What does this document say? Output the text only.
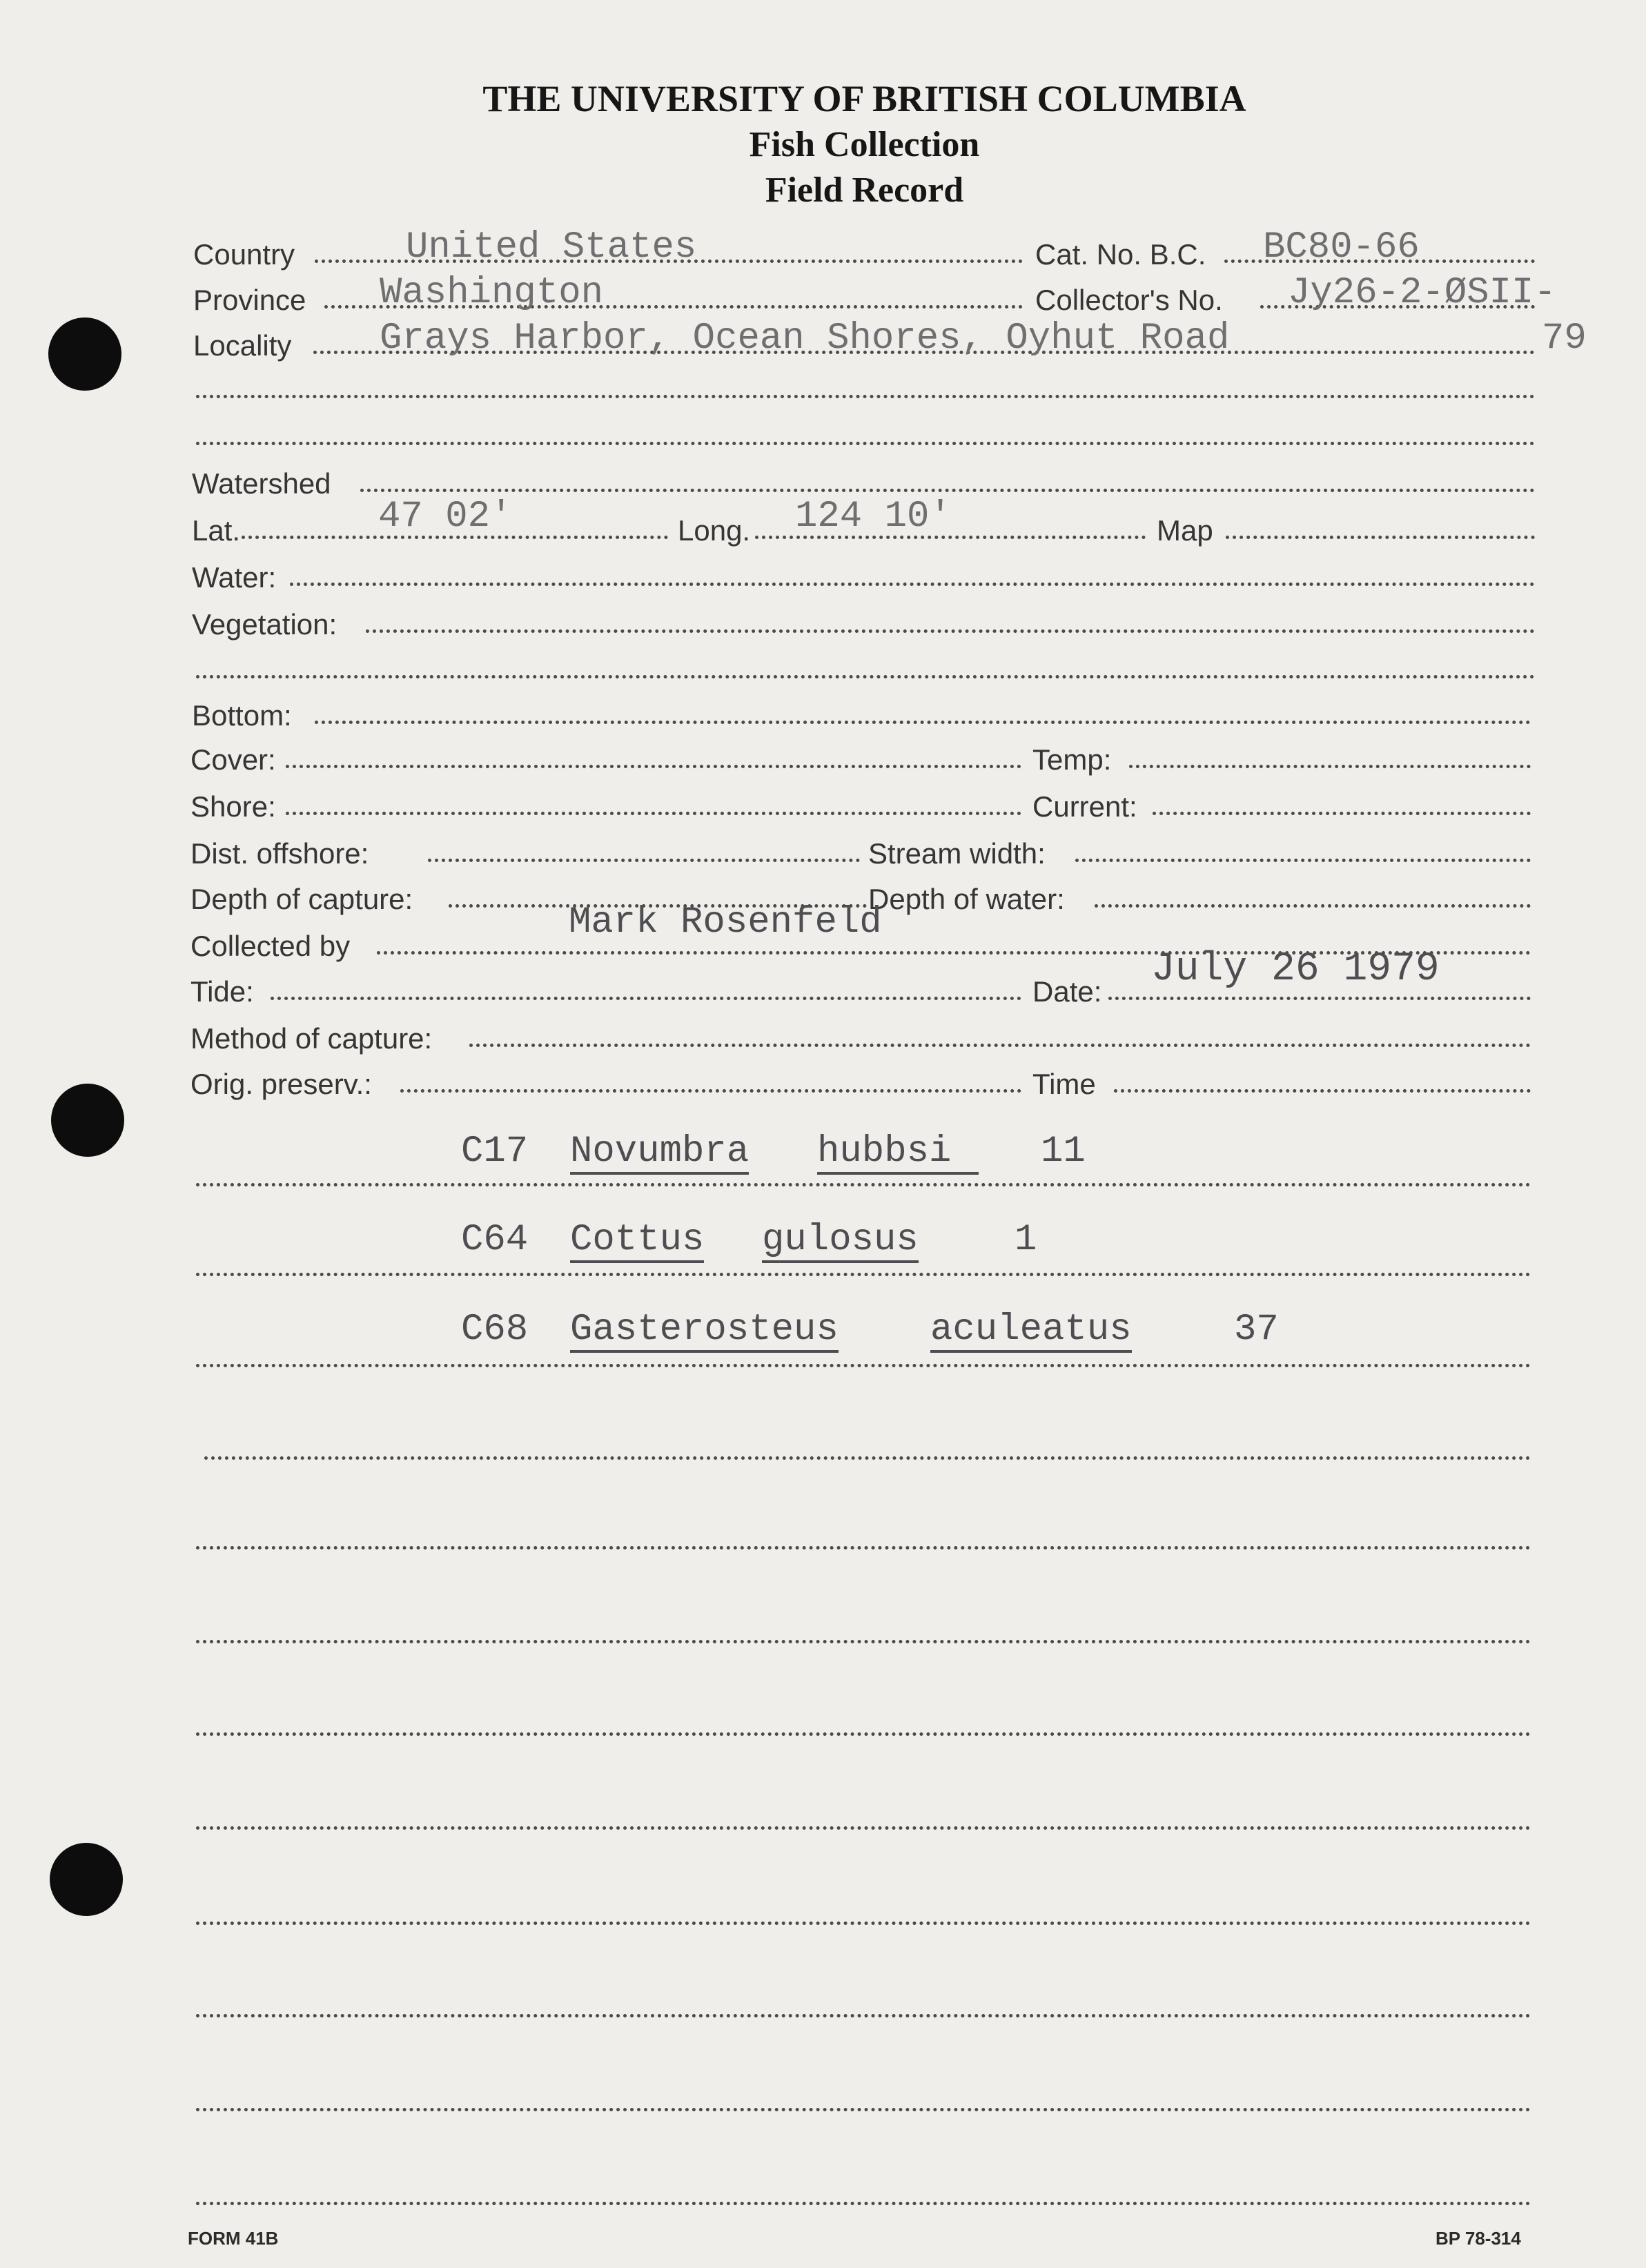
THE UNIVERSITY OF BRITISH COLUMBIA
Fish Collection
Field Record
Country	United States	Cat. No. B.C. BC80-66
Province Washington	Collector's No. Jy26-2-ØSII-
Locality Grays Harbor, Ocean Shores, Oyhut Road	79
Watershed
Lat.	47 02'	Long. 124 10'	Map
Water:
Vegetation:
Bottom:
Cover:	Temp:
Shore:	Current:
Dist. offshore:	Stream width:
Depth of capture:	Depth of water:
Collected by
Mark Rosenfeld
Tide:	Date: July 26 1979
Method of capture:
Orig. preserv.:	Time
C17 Novumbra hubbsi	11
C64 Cottus gulosus	1
C68 Gasterosteus aculeatus	37
FORM 41B	BP 78-314
